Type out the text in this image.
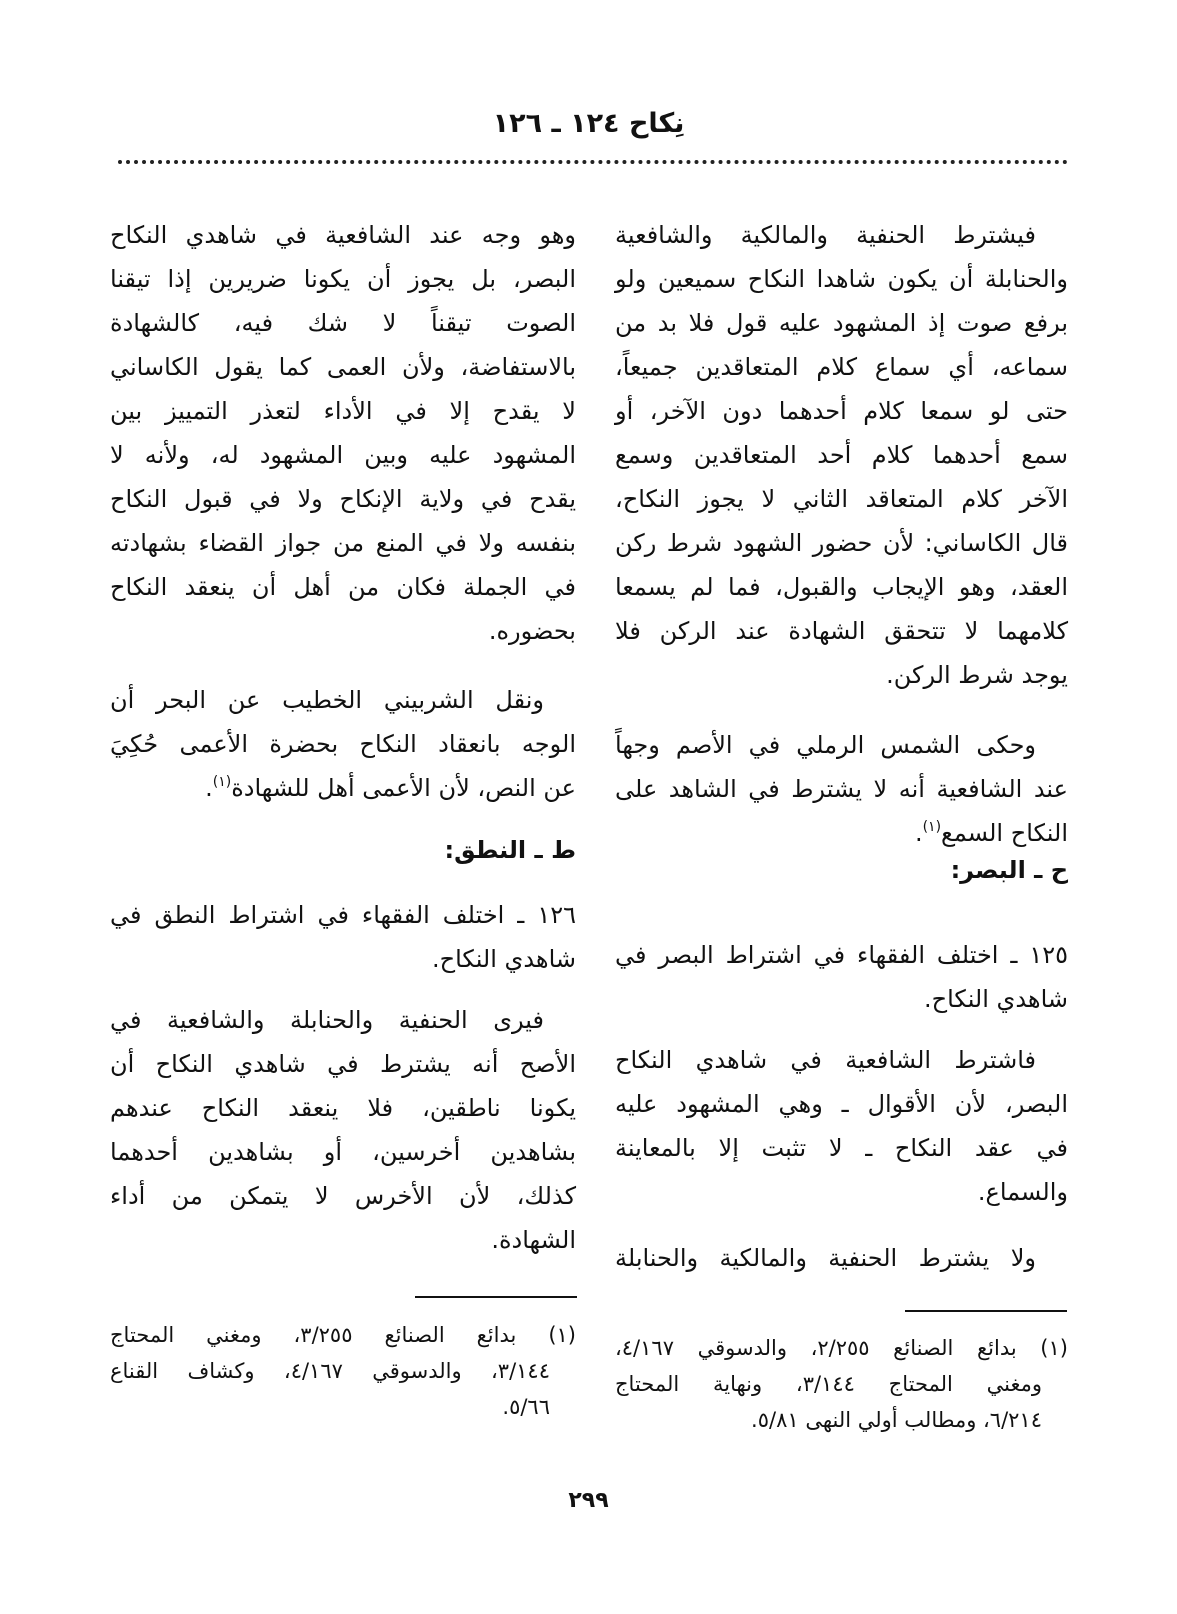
نِكاح ١٢٤ ـ ١٢٦
فيشترط الحنفية والمالكية والشافعية
والحنابلة أن يكون شاهدا النكاح سميعين ولو
برفع صوت إذ المشهود عليه قول فلا بد من
سماعه، أي سماع كلام المتعاقدين جميعاً،
حتى لو سمعا كلام أحدهما دون الآخر، أو
سمع أحدهما كلام أحد المتعاقدين وسمع
الآخر كلام المتعاقد الثاني لا يجوز النكاح،
قال الكاساني: لأن حضور الشهود شرط ركن
العقد، وهو الإيجاب والقبول، فما لم يسمعا
كلامهما لا تتحقق الشهادة عند الركن فلا
يوجد شرط الركن.
وحكى الشمس الرملي في الأصم وجهاً
عند الشافعية أنه لا يشترط في الشاهد على
النكاح السمع$^{(١)}$.
ح ـ البصر:
١٢٥ ـ اختلف الفقهاء في اشتراط البصر في
شاهدي النكاح.
فاشترط الشافعية في شاهدي النكاح
البصر، لأن الأقوال ـ وهي المشهود عليه
في عقد النكاح ـ لا تثبت إلا بالمعاينة
والسماع.
ولا يشترط الحنفية والمالكية والحنابلة
(١) بدائع الصنائع ٢/٢٥٥، والدسوقي ٤/١٦٧،
ومغني المحتاج ٣/١٤٤، ونهاية المحتاج
٦/٢١٤، ومطالب أولي النهى ٥/٨١.
وهو وجه عند الشافعية في شاهدي النكاح
البصر، بل يجوز أن يكونا ضريرين إذا تيقنا
الصوت تيقناً لا شك فيه، كالشهادة
بالاستفاضة، ولأن العمى كما يقول الكاساني
لا يقدح إلا في الأداء لتعذر التمييز بين
المشهود عليه وبين المشهود له، ولأنه لا
يقدح في ولاية الإنكاح ولا في قبول النكاح
بنفسه ولا في المنع من جواز القضاء بشهادته
في الجملة فكان من أهل أن ينعقد النكاح
بحضوره.
ونقل الشربيني الخطيب عن البحر أن
الوجه بانعقاد النكاح بحضرة الأعمى حُكِيَ
عن النص، لأن الأعمى أهل للشهادة$^{(١)}$.
ط ـ النطق:
١٢٦ ـ اختلف الفقهاء في اشتراط النطق في
شاهدي النكاح.
فيرى الحنفية والحنابلة والشافعية في
الأصح أنه يشترط في شاهدي النكاح أن
يكونا ناطقين، فلا ينعقد النكاح عندهم
بشاهدين أخرسين، أو بشاهدين أحدهما
كذلك، لأن الأخرس لا يتمكن من أداء
الشهادة.
(١) بدائع الصنائع ٣/٢٥٥، ومغني المحتاج
٣/١٤٤، والدسوقي ٤/١٦٧، وكشاف القناع
٥/٦٦.
٢٩٩
